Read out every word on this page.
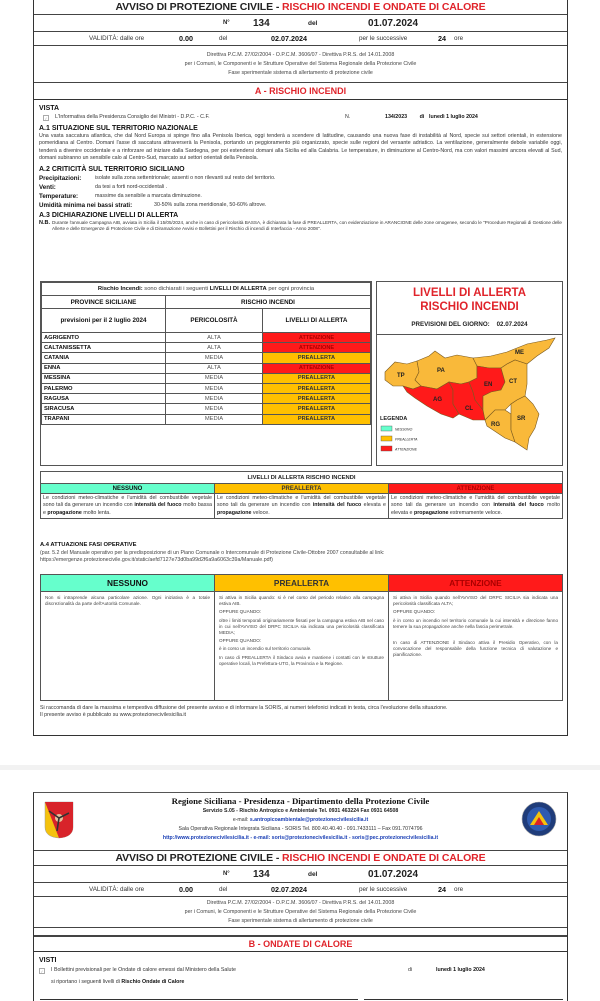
AVVISO DI PROTEZIONE CIVILE -
RISCHIO INCENDI E ONDATE DI CALORE
N°	134	del	01.07.2024
VALIDITÀ: dalle ore	0.00	del	02.07.2024	per le successive	24 ore
Direttiva P.C.M. 27/02/2004 - O.P.C.M. 3606/07 - Direttiva P.R.S. del 14.01.2008
per i Comuni, le Componenti e le Strutture Operative del Sistema Regionale della Protezione Civile
Fase sperimentale sistema di allertamento di protezione civile
A - RISCHIO INCENDI
VISTA
✓ L'Informativa della Presidenza Consiglio dei Ministri - D.P.C. - C.F.	N.	134/2023	di lunedì 1 luglio 2024
A.1 SITUAZIONE SUL TERRITORIO NAZIONALE
Una vasta saccatura atlantica, che dal Nord Europa si spinge fino alla Penisola Iberica, oggi tenderà a scendere di latitudine, causando una nuova fase di instabilità al Nord, specie sui settori orientali, in estensione pomeridiana al Centro. Domani l'asse di saccatura attraverserà la Penisola, portando un peggioramento più organizzato, specie sulle regioni del versante adriatico. La ventilazione, generalmente debole variabile oggi, tenderà a divenire occidentale e a rinforzare ad iniziare dalla Sardegna, per poi estendersi domani alla Sicilia ed alla Calabria. Le temperature, in diminuzione al Centro-Nord, ma con valori massimi ancora elevati al Sud, domani subiranno un sensibile calo al Centro-Sud, marcato sui settori orientali della Penisola.
A.2 CRITICITÀ SUL TERRITORIO SICILIANO
Precipitazioni:	isolate sulla zona settentrionale; assenti o non rilevanti sul resto del territorio.
Venti:	da tesi a forti nord-occidentali .
Temperature:	massime da sensibile a marcata diminuzione.
Umidità minima nei bassi strati:	30-50% sulla zona meridionale, 50-60% altrove.
A.3 DICHIARAZIONE LIVELLI DI ALLERTA
N.B. Durante l'annuale Campagna AIB, avviata in Sicilia il 15/05/2024, anche in caso di pericolosità BASSA, è dichiarata la fase di PREALLERTA, con evidenziazione in ARANCIONE delle zone omogenee, secondo le "Procedure Regionali di Gestione delle Allerte e delle Emergenze di Protezione Civile e di Diramazione Avvisi e Bollettini per il Rischio di incendi di Interfaccia - Anno 2008".
Rischio Incendi: sono dichiarati i seguenti LIVELLI DI ALLERTA per ogni provincia		
PROVINCE SICILIANE	RISCHIO INCENDI	
previsioni per il 2 luglio 2024	PERICOLOSITÀ	LIVELLI DI ALLERTA
AGRIGENTO	ALTA	ATTENZIONE
CALTANISSETTA	ALTA	ATTENZIONE
CATANIA	MEDIA	PREALLERTA
ENNA	ALTA	ATTENZIONE
MESSINA	MEDIA	PREALLERTA
PALERMO	MEDIA	PREALLERTA
RAGUSA	MEDIA	PREALLERTA
SIRACUSA	MEDIA	PREALLERTA
TRAPANI	MEDIA	PREALLERTA
LIVELLI DI ALLERTA
RISCHIO INCENDI
PREVISIONI DEL GIORNO: 02.07.2024
TP
PA
ME
AG
CL
EN	CT
RG
SR
LEGENDA
NESSUNO
PREALLERTA
ATTENZIONE
LIVELLI DI ALLERTA RISCHIO INCENDI
NESSUNO
Le condizioni meteo-climatiche e l'umidità del combustibile vegetale sono tali da generare un incendio con intensità del fuoco molto bassa e propagazione molto lenta.
PREALLERTA
Le condizioni meteo-climatiche e l'umidità del combustibile vegetale sono tali da generare un incendio con intensità del fuoco elevata e propagazione veloce.
ATTENZIONE
Le condizioni meteo-climatiche e l'umidità del combustibile vegetale sono tali da generare un incendio con intensità del fuoco molto elevata e propagazione estremamente veloce.
A.4 ATTUAZIONE FASI OPERATIVE
(par. 5.2 del Manuale operativo per la predisposizione di un Piano Comunale o Intercomunale di Protezione Civile-Ottobre 2007 consultabile al link:
https://emergenze.protezionecivile.gov.it/static/aefd7127e73d0ba99d2f6a9a6063c39a/Manuale.pdf)
NESSUNO

Non si intraprende alcuna particolare azione. Ogni iniziativa è a totale discrezionalità da parte dell'Autorità Comunale.

PREALLERTA

Si attiva in Sicilia quando: si è nel corso del periodo relativo alla campagna estiva AIB.

OPPURE QUANDO:

oltre i limiti temporali originariamente fissati per la campagna estiva AIB nel caso in cui nell'AVVISO del DRPC SICILIA sia indicata una pericolosità classificata MEDIA;

OPPURE QUANDO:

è in corso un incendio sul territorio comunale.

In caso di PREALLERTA il Sindaco avvia e mantiene i contatti con le strutture operative locali, la Prefettura-UTG, la Provincia e la Regione.

ATTENZIONE

Si attiva in Sicilia quando nell'AVVISO del DRPC SICILIA sia indicata una pericolosità classificata ALTA;

OPPURE QUANDO:

è in corso un incendio nel territorio comunale la cui intensità e direzione fanno temere la sua propagazione anche nella fascia perimetrale.

In caso di ATTENZIONE il Sindaco attiva il Presidio Operativo, con la convocazione del responsabile della funzione tecnica di valutazione e pianificazione.

Si raccomanda di dare la massima e tempestiva diffusione del presente avviso e di informare la SORIS, ai numeri telefonici indicati in testa, circa l'evoluzione della situazione.
Il presente avviso è pubblicato su www.protezionecivilesicilia.it
Regione Siciliana - Presidenza - Dipartimento della Protezione Civile
Servizio S.05 - Rischio Antropico e Ambientale Tel. 0931 463224 Fax 0931 64508
e-mail: s.antropicoambientale@protezionecivilesicilia.it
Sala Operativa Regionale Integrata Siciliana - SORIS Tel. 800.40.40.40 - 091.7433111 – Fax 091.7074796
http://www.protezionecivilesicilia.it - e-mail: soris@protezionecivilesicilia.it - soris@pec.protezionecivilesicilia.it
AVVISO DI PROTEZIONE CIVILE -
RISCHIO INCENDI E ONDATE DI CALORE
N°	134	del	01.07.2024
VALIDITÀ: dalle ore	0.00	del	02.07.2024	per le successive	24 ore
Direttiva P.C.M. 27/02/2004 - O.P.C.M. 3606/07 - Direttiva P.R.S. del 14.01.2008
per i Comuni, le Componenti e le Strutture Operative del Sistema Regionale della Protezione Civile
Fase sperimentale sistema di allertamento di protezione civile
B - ONDATE DI CALORE
VISTI
✓ I Bollettini previsionali per le Ondate di calore emessi dal Ministero della Salute	di	lunedì 1 luglio 2024
si riportano i seguenti livelli di Rischio Ondate di Calore
